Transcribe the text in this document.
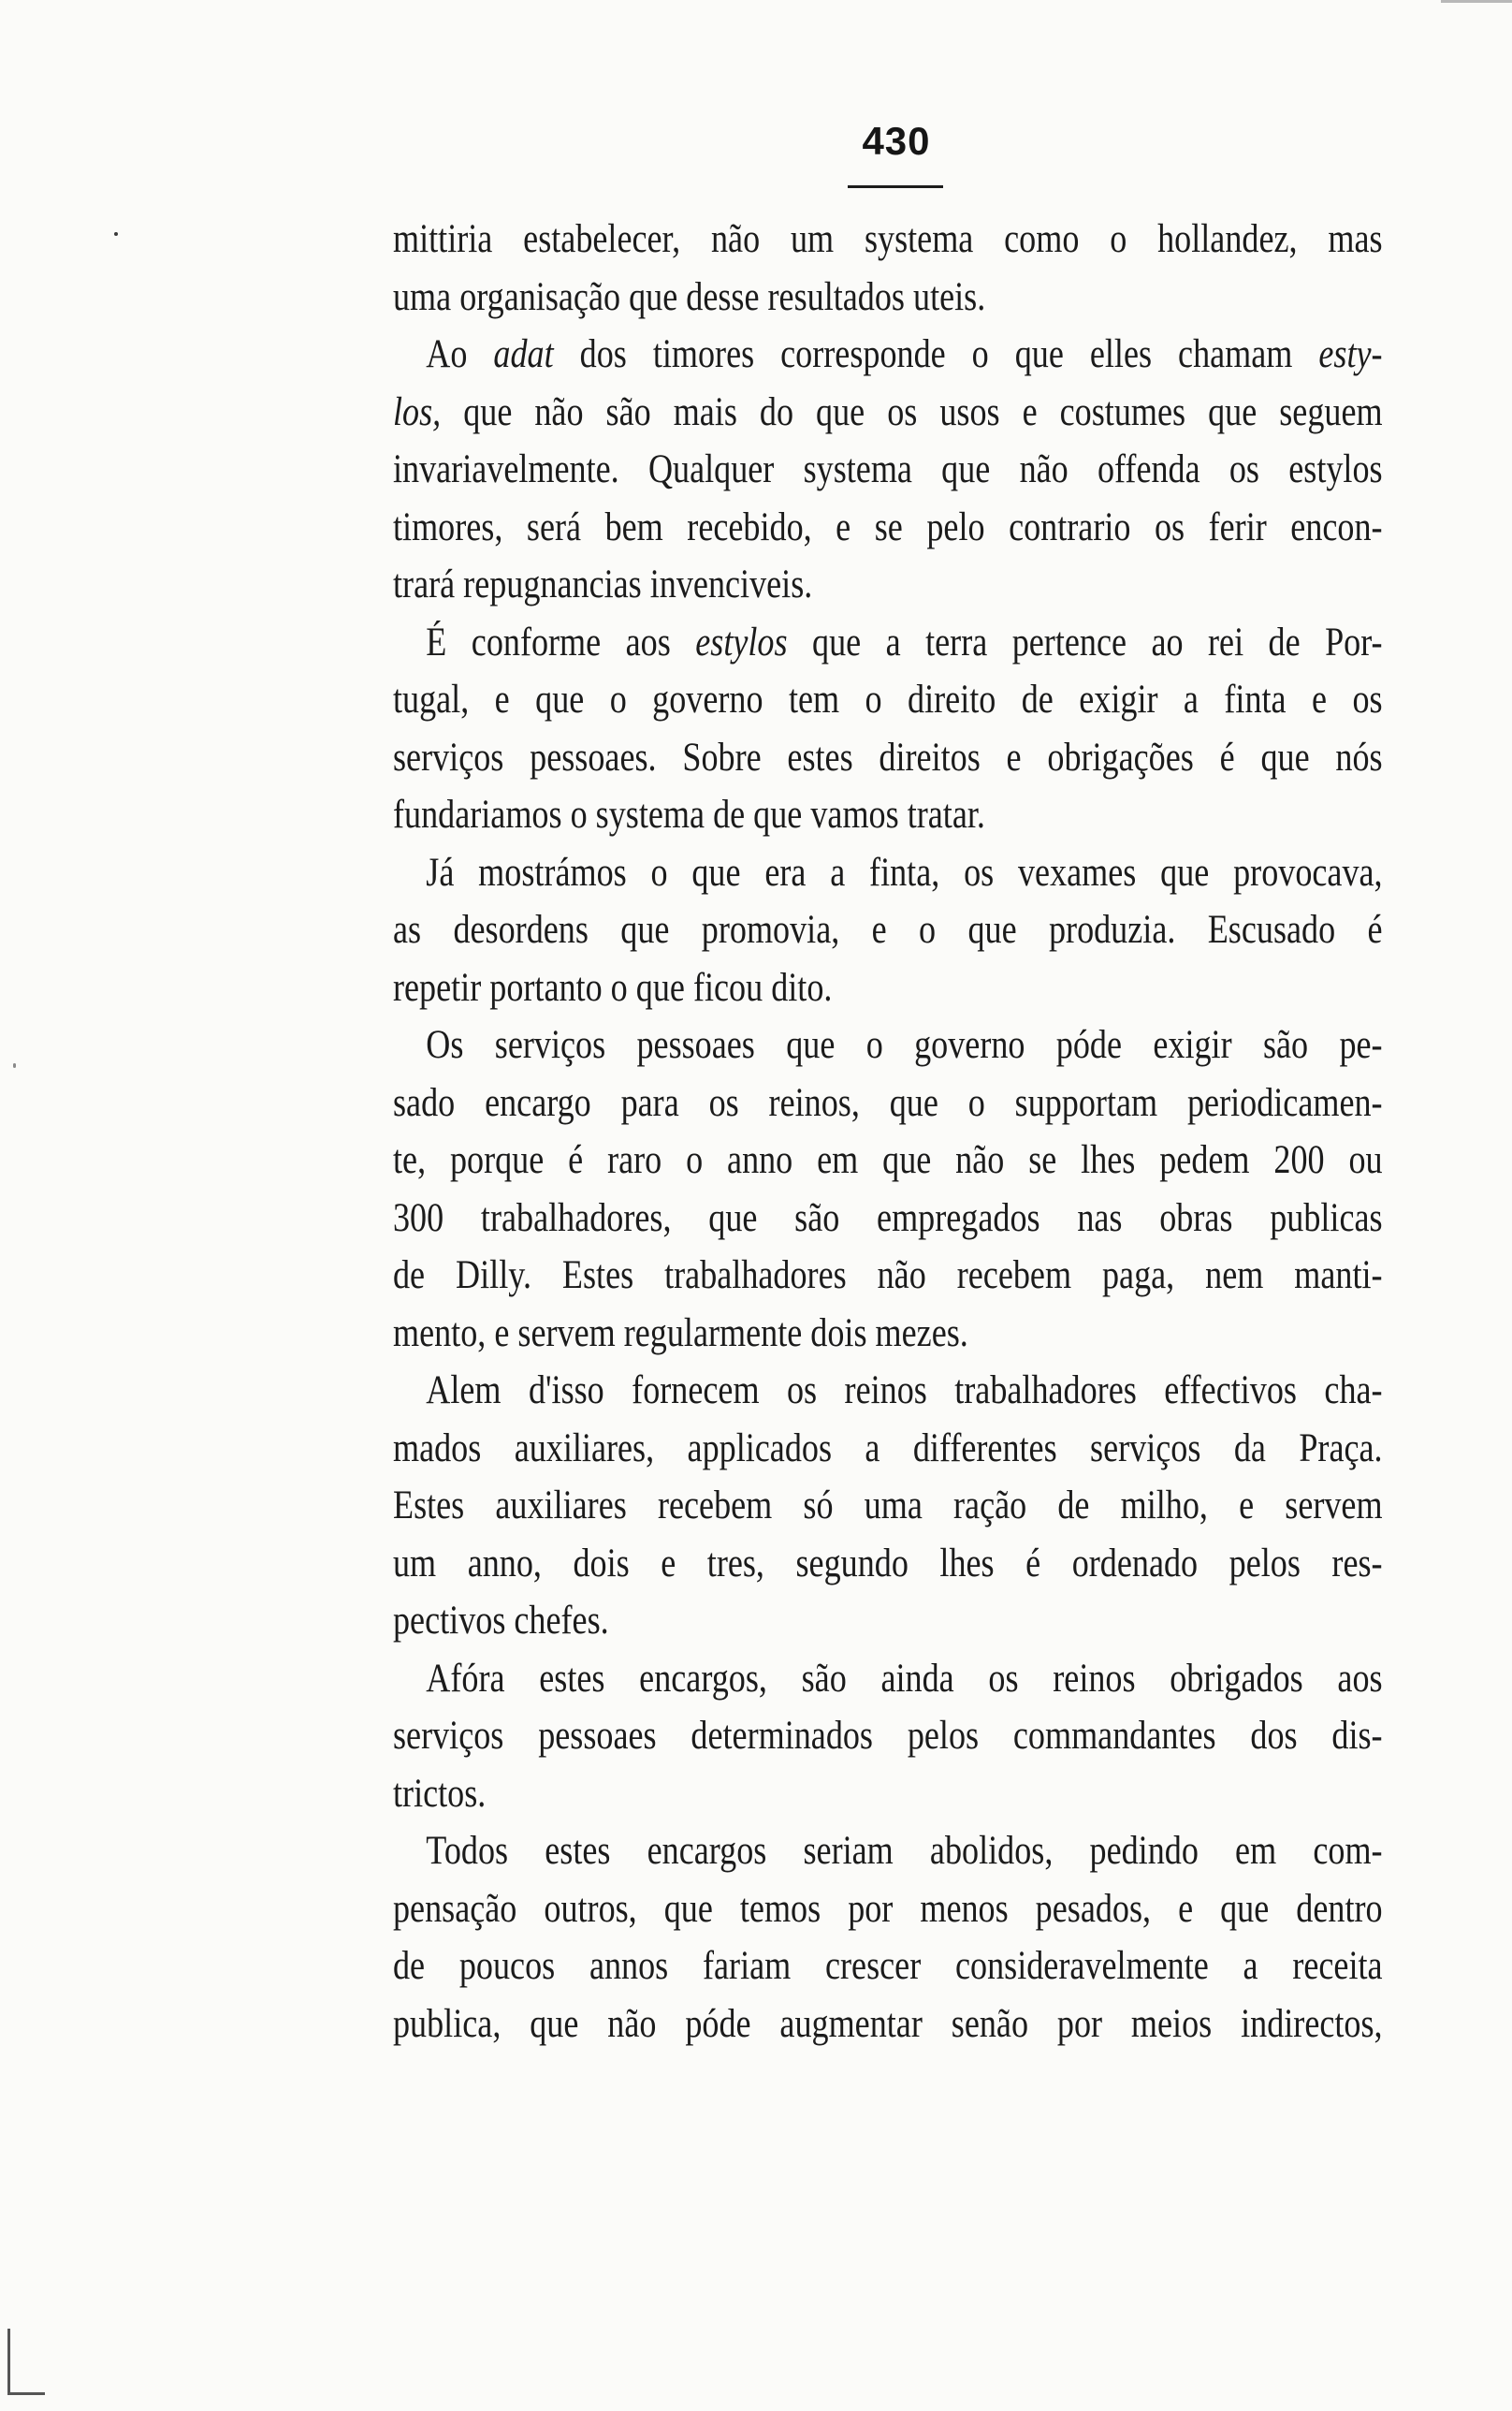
430
mittiria estabelecer, não um systema como o hollandez, mas
uma organisação que desse resultados uteis.
Ao adat dos timores corresponde o que elles chamam esty-
los, que não são mais do que os usos e costumes que seguem
invariavelmente. Qualquer systema que não offenda os estylos
timores, será bem recebido, e se pelo contrario os ferir encon-
trará repugnancias invenciveis.
É conforme aos estylos que a terra pertence ao rei de Por-
tugal, e que o governo tem o direito de exigir a finta e os
serviços pessoaes. Sobre estes direitos e obrigações é que nós
fundariamos o systema de que vamos tratar.
Já mostrámos o que era a finta, os vexames que provocava,
as desordens que promovia, e o que produzia. Escusado é
repetir portanto o que ficou dito.
Os serviços pessoaes que o governo póde exigir são pe-
sado encargo para os reinos, que o supportam periodicamen-
te, porque é raro o anno em que não se lhes pedem 200 ou
300 trabalhadores, que são empregados nas obras publicas
de Dilly. Estes trabalhadores não recebem paga, nem manti-
mento, e servem regularmente dois mezes.
Alem d'isso fornecem os reinos trabalhadores effectivos cha-
mados auxiliares, applicados a differentes serviços da Praça.
Estes auxiliares recebem só uma ração de milho, e servem
um anno, dois e tres, segundo lhes é ordenado pelos res-
pectivos chefes.
Afóra estes encargos, são ainda os reinos obrigados aos
serviços pessoaes determinados pelos commandantes dos dis-
trictos.
Todos estes encargos seriam abolidos, pedindo em com-
pensação outros, que temos por menos pesados, e que dentro
de poucos annos fariam crescer consideravelmente a receita
publica, que não póde augmentar senão por meios indirectos,
